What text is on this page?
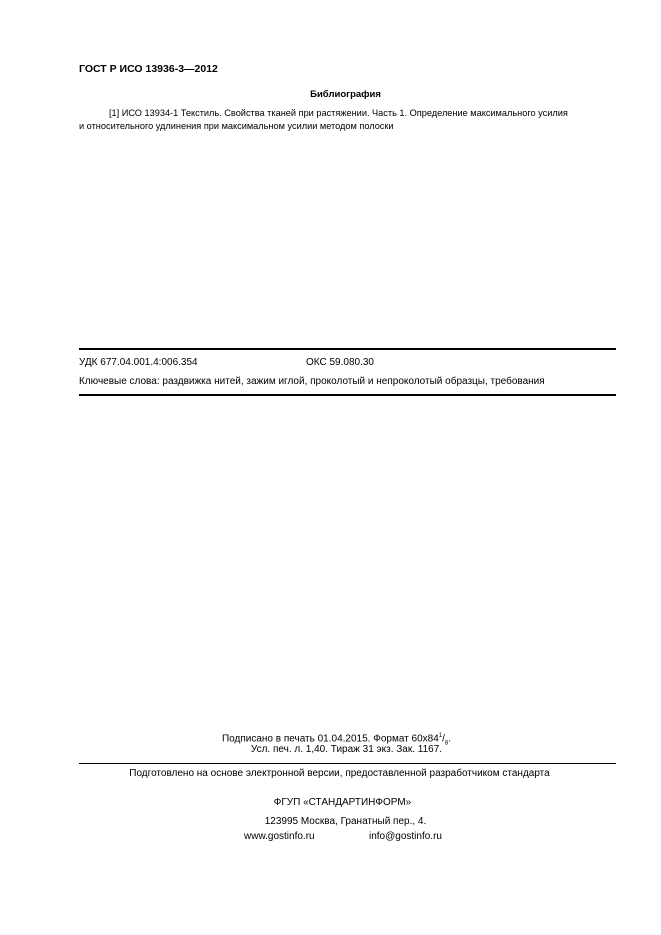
ГОСТ Р ИСО 13936-3—2012
Библиография
[1] ИСО 13934-1 Текстиль. Свойства тканей при растяжении. Часть 1. Определение максимального усилия
и относительного удлинения при максимальном усилии методом полоски
УДК 677.04.001.4:006.354	ОКС 59.080.30
Ключевые слова: раздвижка нитей, зажим иглой, проколотый и непроколотый образцы, требования
Подписано в печать 01.04.2015. Формат $60х84^1/_8$.
Усл. печ. л. 1,40. Тираж 31 экз. Зак. 1167.
Подготовлено на основе электронной версии, предоставленной разработчиком стандарта
ФГУП «СТАНДАРТИНФОРМ»
123995 Москва, Гранатный пер., 4.
www.gostinfo.ru	info@gostinfo.ru
